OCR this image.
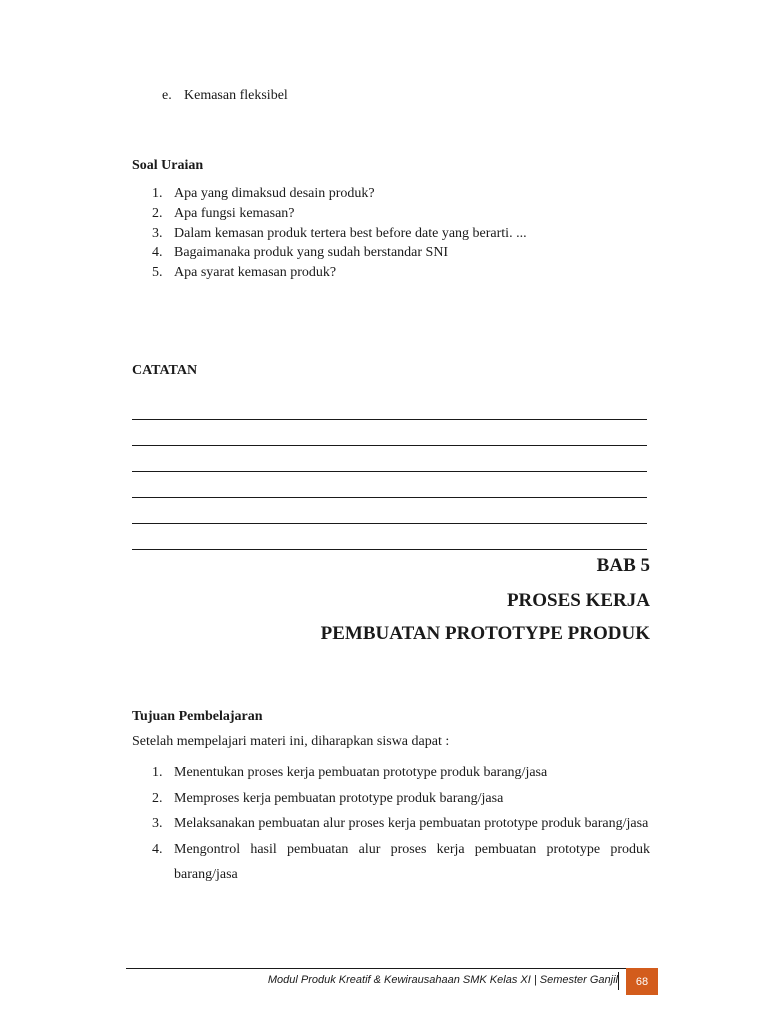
e. Kemasan fleksibel
Soal Uraian
1. Apa yang dimaksud desain produk?
2. Apa fungsi kemasan?
3. Dalam kemasan produk tertera best before date yang berarti. ...
4. Bagaimanaka produk yang sudah berstandar SNI
5. Apa syarat kemasan produk?
CATATAN
BAB 5
PROSES KERJA
PEMBUATAN PROTOTYPE PRODUK
Tujuan Pembelajaran
Setelah mempelajari materi ini, diharapkan siswa dapat :
1. Menentukan proses kerja pembuatan prototype produk barang/jasa
2. Memproses kerja pembuatan prototype produk barang/jasa
3. Melaksanakan pembuatan alur proses kerja pembuatan prototype produk barang/jasa
4. Mengontrol hasil pembuatan alur proses kerja pembuatan prototype produk barang/jasa
Modul Produk Kreatif & Kewirausahaan SMK Kelas XI | Semester Ganjil	68
